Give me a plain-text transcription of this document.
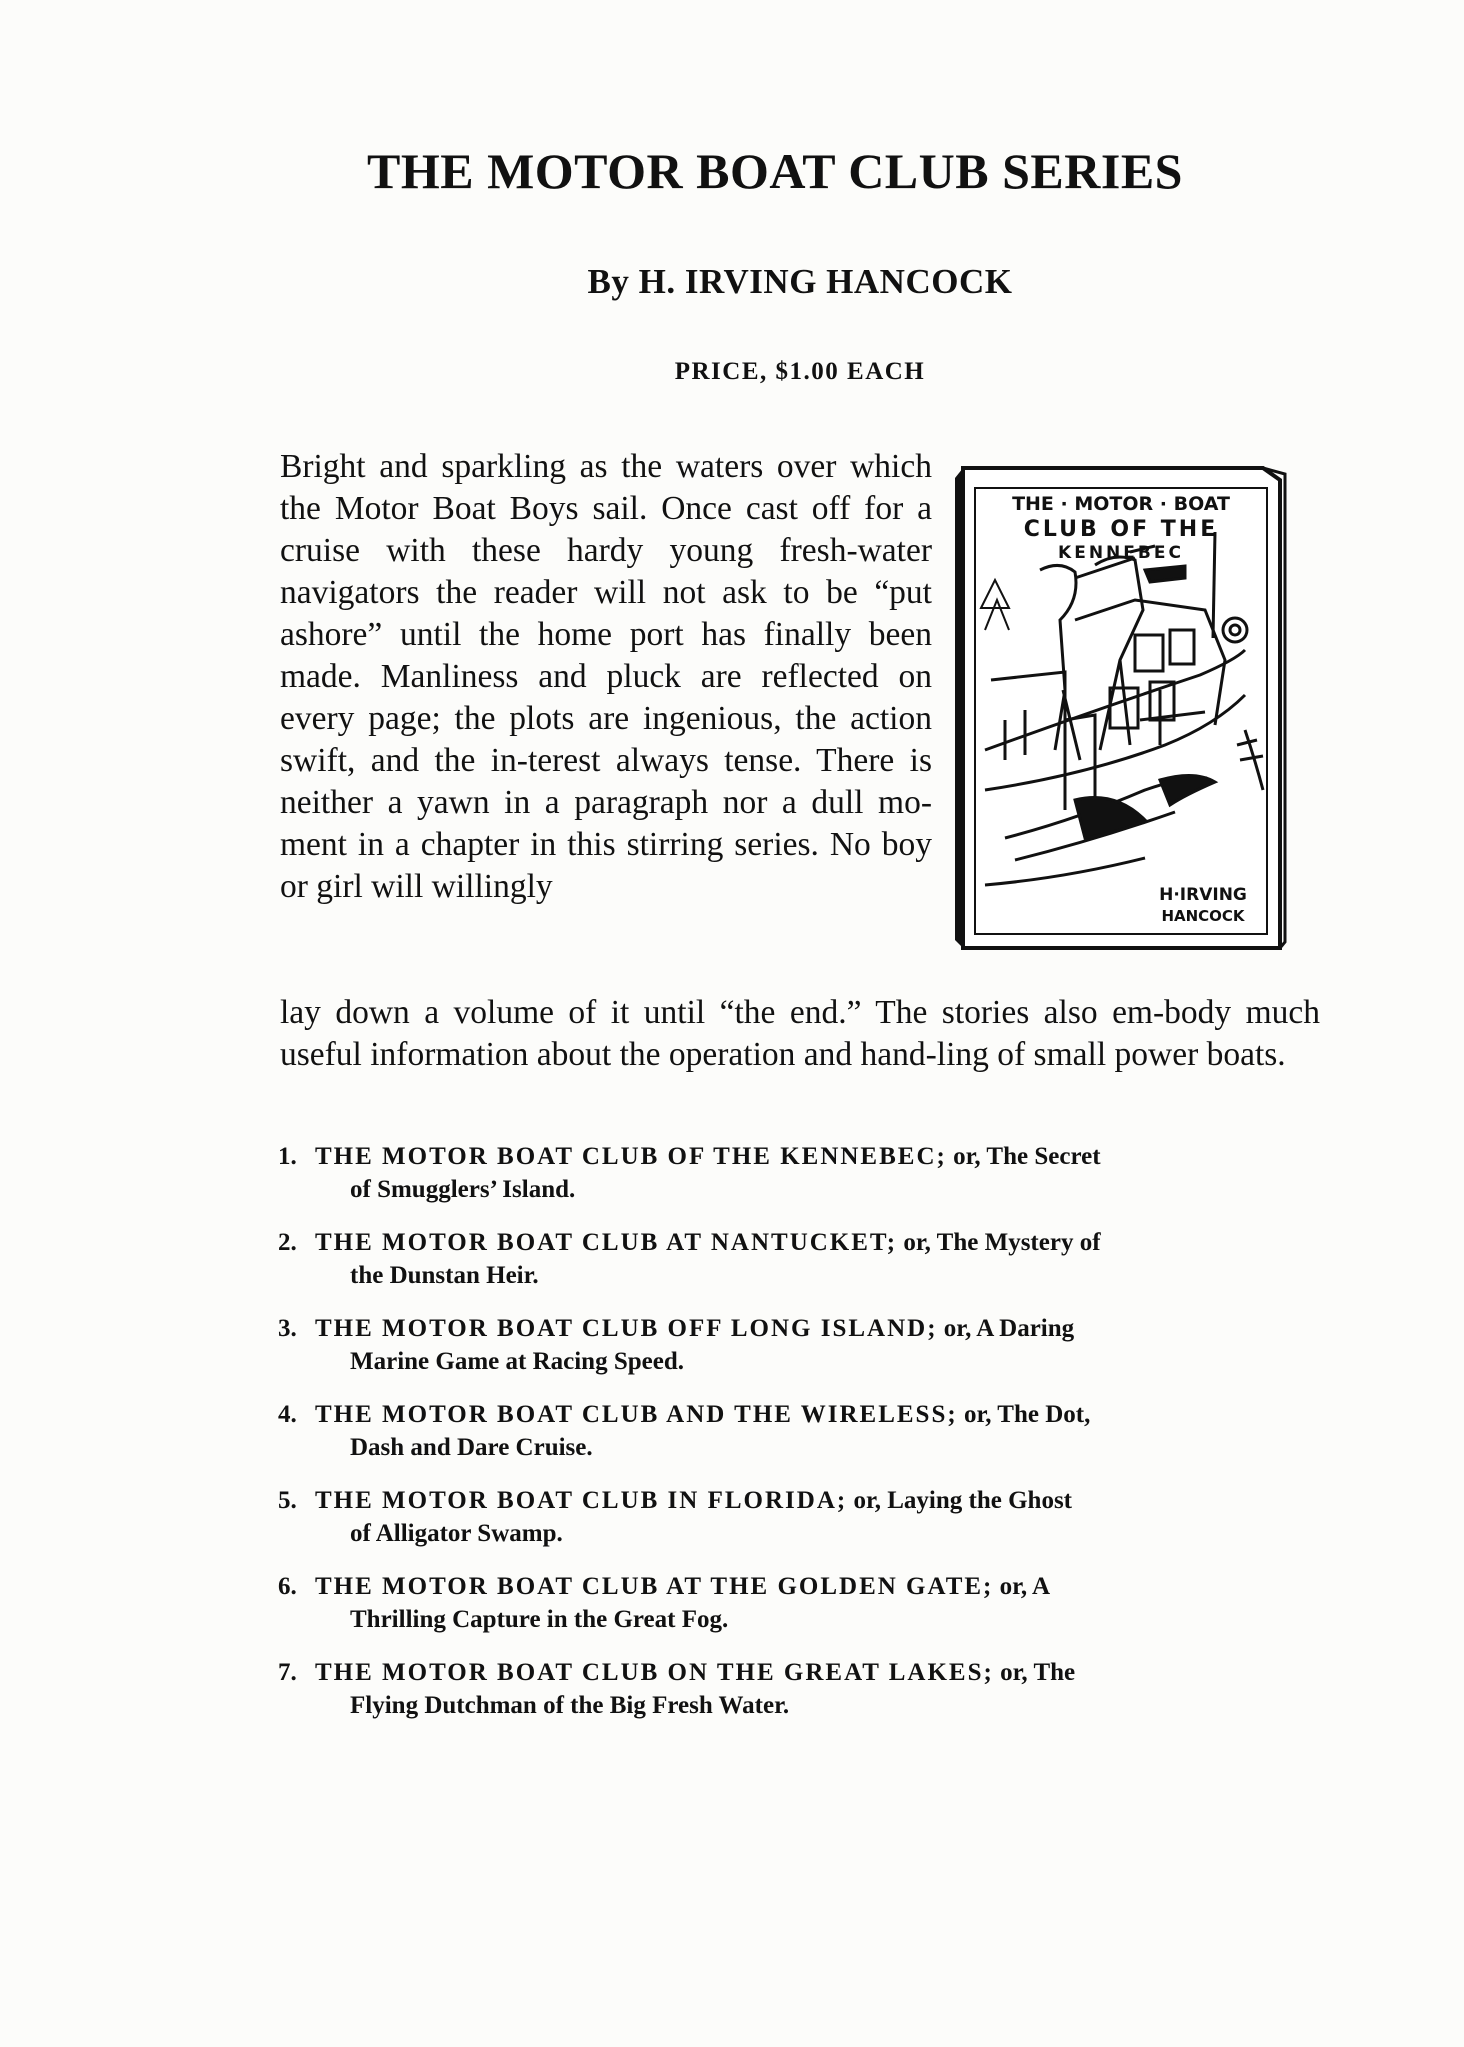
THE MOTOR BOAT CLUB SERIES
By H. IRVING HANCOCK
PRICE, $1.00 EACH

Bright and sparkling as the waters over which the Motor Boat Boys sail. Once cast off for a cruise with these hardy young fresh-water navigators the reader will not ask to be “put ashore” until the home port has finally been made. Manliness and pluck are reflected on every page; the plots are ingenious, the action swift, and the in-terest always tense. There is neither a yawn in a paragraph nor a dull mo-ment in a chapter in this stirring series. No boy or girl will willingly

THE · MOTOR · BOAT
CLUB OF THE
KENNEBEC
H·IRVING
HANCOCK

lay down a volume of it until “the end.” The stories also em-body much useful information about the operation and hand-ling of small power boats.

1. THE MOTOR BOAT CLUB OF THE KENNEBEC; or, The Secret
of Smugglers’ Island.
2. THE MOTOR BOAT CLUB AT NANTUCKET; or, The Mystery of
the Dunstan Heir.
3. THE MOTOR BOAT CLUB OFF LONG ISLAND; or, A Daring
Marine Game at Racing Speed.
4. THE MOTOR BOAT CLUB AND THE WIRELESS; or, The Dot,
Dash and Dare Cruise.
5. THE MOTOR BOAT CLUB IN FLORIDA; or, Laying the Ghost
of Alligator Swamp.
6. THE MOTOR BOAT CLUB AT THE GOLDEN GATE; or, A
Thrilling Capture in the Great Fog.
7. THE MOTOR BOAT CLUB ON THE GREAT LAKES; or, The
Flying Dutchman of the Big Fresh Water.
